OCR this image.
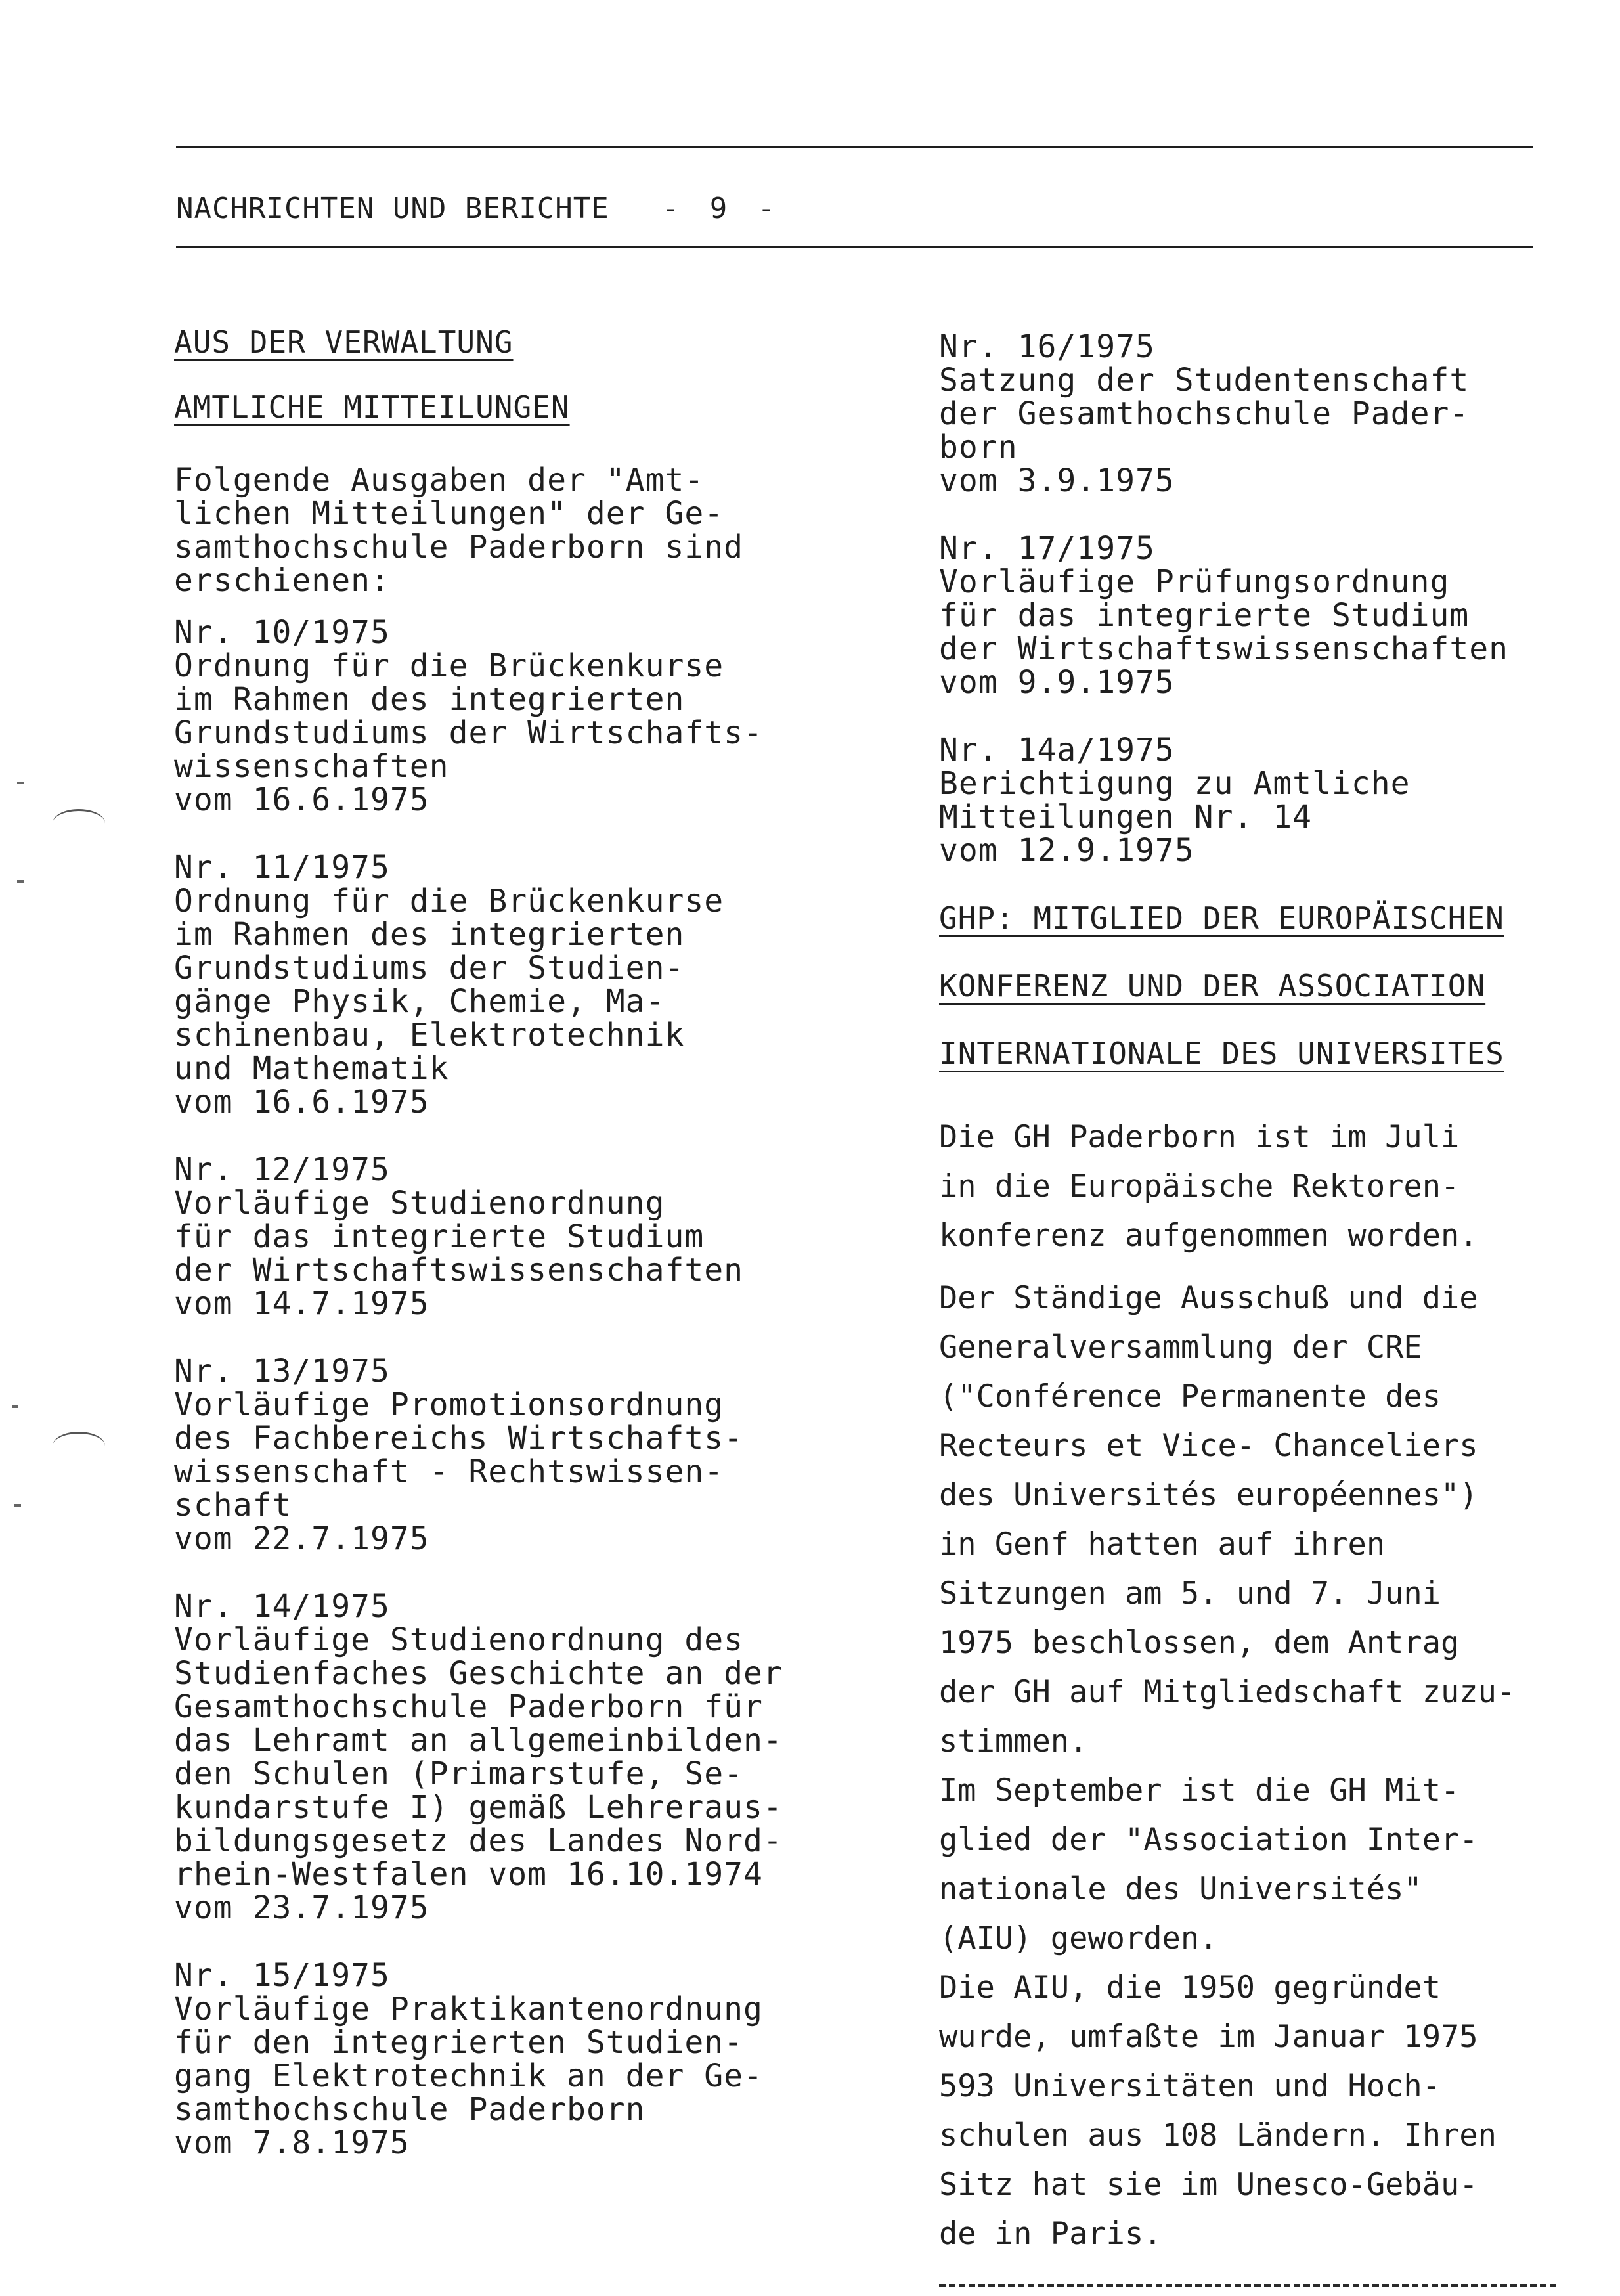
NACHRICHTEN UND BERICHTE - 9 -
AUS DER VERWALTUNG
AMTLICHE MITTEILUNGEN
Folgende Ausgaben der "Amt-
lichen Mitteilungen" der Ge-
samthochschule Paderborn sind
erschienen:
Nr. 10/1975
Ordnung für die Brückenkurse
im Rahmen des integrierten
Grundstudiums der Wirtschafts-
wissenschaften
vom 16.6.1975
Nr. 11/1975
Ordnung für die Brückenkurse
im Rahmen des integrierten
Grundstudiums der Studien-
gänge Physik, Chemie, Ma-
schinenbau, Elektrotechnik
und Mathematik
vom 16.6.1975
Nr. 12/1975
Vorläufige Studienordnung
für das integrierte Studium
der Wirtschaftswissenschaften
vom 14.7.1975
Nr. 13/1975
Vorläufige Promotionsordnung
des Fachbereichs Wirtschafts-
wissenschaft - Rechtswissen-
schaft
vom 22.7.1975
Nr. 14/1975
Vorläufige Studienordnung des
Studienfaches Geschichte an der
Gesamthochschule Paderborn für
das Lehramt an allgemeinbilden-
den Schulen (Primarstufe, Se-
kundarstufe I) gemäß Lehreraus-
bildungsgesetz des Landes Nord-
rhein-Westfalen vom 16.10.1974
vom 23.7.1975
Nr. 15/1975
Vorläufige Praktikantenordnung
für den integrierten Studien-
gang Elektrotechnik an der Ge-
samthochschule Paderborn
vom 7.8.1975
Nr. 16/1975
Satzung der Studentenschaft
der Gesamthochschule Pader-
born
vom 3.9.1975
Nr. 17/1975
Vorläufige Prüfungsordnung
für das integrierte Studium
der Wirtschaftswissenschaften
vom 9.9.1975
Nr. 14a/1975
Berichtigung zu Amtliche
Mitteilungen Nr. 14
vom 12.9.1975
GHP: MITGLIED DER EUROPÄISCHEN
KONFERENZ UND DER ASSOCIATION
INTERNATIONALE DES UNIVERSITES
Die GH Paderborn ist im Juli
in die Europäische Rektoren-
konferenz aufgenommen worden.
Der Ständige Ausschuß und die
Generalversammlung der CRE
("Conférence Permanente des
Recteurs et Vice- Chanceliers
des Universités européennes")
in Genf hatten auf ihren
Sitzungen am 5. und 7. Juni
1975 beschlossen, dem Antrag
der GH auf Mitgliedschaft zuzu-
stimmen.
Im September ist die GH Mit-
glied der "Association Inter-
nationale des Universités"
(AIU) geworden.
Die AIU, die 1950 gegründet
wurde, umfaßte im Januar 1975
593 Universitäten und Hoch-
schulen aus 108 Ländern. Ihren
Sitz hat sie im Unesco-Gebäu-
de in Paris.
